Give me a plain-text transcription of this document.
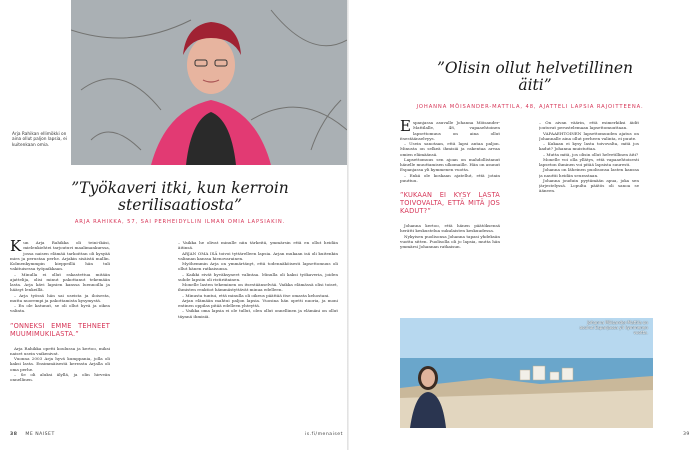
Arja Rahikan ellimökki on aina ollut paljon lapsia, ei kuitenkaan omia.
”Työkaveri itki, kun kerroin sterilisaatiosta”
ARJA RAHIKKA, 57, SAI PERHEIDYLLIN ILMAN OMIA LAPSIAKIN.

Kun Arja Rahikka oli teini-ikäsi, mielenkiehtei tarjoutuvi maalimankurssa, jossa naisen elämää tarkoittan oli kysyää mies ja perustaa perhe. Arjakin sisäistä mallin. Kolmenkymmpin kieppeillä hän tuli vakituisessa työpaikkaan.

– Minulla ei ollut rakastettua mitään ajattelija, olisi minut pakottanut tekemään lasta. Arja kävi lapsien kanssa luennoilla ja hääsyt lenkeillä.

– Arja työssä hän sai useista ja iloisesta, mutta nuorempi ja pakottamista kysymystä.

– En ole katunut, se oli ollut hyvä ja oikea valinta.

”ONNEKSI EMME TEHNEET MUUMIMUKILASTA.”

Arja Rahikka opetti koulussa ja kertoo, miksi naiset usein vaikenivat.

Vuonna 2003 Arja hyvä kumppania, jolla oli kaksi lasta. Ensimmäisestä kerrasta Arjalla oli oma perhe.

– Se oli aluksi älyllä, ja olin hirveän onnellinen.

– Vaikka he olivat minulle niin tärkeitä, ymmärsin että en ollut heidän äitinsä.

ARJAN OMA ISÄ toivoi tyttärelleen lapsia. Arjan mukaan isä oli kuitenkin valinnan kanssa hienovarainen.

Myöhemmin Arja on ymmärtänyt, että todennäköisesti lapsettomuus oli ollut hänen ratkaisunsa.

– Kaikki eivät hyväksyneet valintaa. Minulla oli kaksi työkaveria, joiden suhde lapsiin oli ristiriitainen.

Monelle lasten tekeminen on itsestäänselvää. Vaikka elämässä olisi toiset, ihmisten reaktiot hämmästyttävät minua edelleen.

– Minusta tuntui, että minulla oli oikeus päättää itse omasta kehostani.

Arjan elämään mahtui paljon lapsia. Vuosina hän opetti nuoria, ja moni entinen oppilas pitää edelleen yhteyttä.

– Vaikka oma lapsia ei ole tullut, olen ollut onnellinen ja elämäni on ollut täynnä ihmisiä.

38 ME NAISET	is.fi/menaiset
”Olisin ollut helvetillinen äiti”
JOHANNA MÖISANDER-MATTILA, 48, AJATTELI LAPSIA RAJOITTEENA.

Espanjassa asuvalle Johanna Möisander-Mattilalle, 48, vapaaehtoinen lapsettomuus on aina ollut itsestäänselvyys.

– Usein sanotaan, että lapsi antaa paljon. Minusta on selkeä ihmisiä ja rakentaa arvaa omien elämäänsä.

Lapsettomuus sen ajoan on mahdollistanut hänelle muuttamisen ulkomaille. Hän on asunut Espanjassa yli kymmenen vuotta.

– Enkä ole koskaan ajatellut, että jotain puuttuu.

”KUKAAN EI KYSY LASTA TOIVOVALTA, ETTÄ MITÄ JOS KADUT?”

Johanna kertoo, että hänen päätöksensä herätti keskustelua sukulaisten keskuudessa.

Nykyisen puolisonsa Johanna tapasi yhdeksän vuotta sitten. Puolisolla oli jo lapsia, mutta hän ymmärsi Johannan ratkaisun.

– On aivan väärin, että esimerkiksi äidit joutuvat perustelemaan lapsettomuuttaan.

VAPAAEHTOINEN lapsettomuuden ajatus on Johannalle aina ollut perheen valinta, ei puute.

– Kukaan ei kysy lasta toivovalta, mitä jos kadut? Johanna muistuttaa.

– Mutta mitä, jos olisin ollut helvetillinen äiti?

Monelle voi olla yllätys, että vapaaehtoisesti lapseton ihminen voi pitää lapsista suuresti.

Johanna on läheinen puolisonsa lasten kanssa ja nauttii heidän seurastaan.

Johanna jouduin pyytämään apua, joka sen järjestelyssä. Lopulta päätös oli sanoa se ääneen.

Johanna Möisander-Mattila on asunut Espanjassa yli kymmenen vuotta.
39
